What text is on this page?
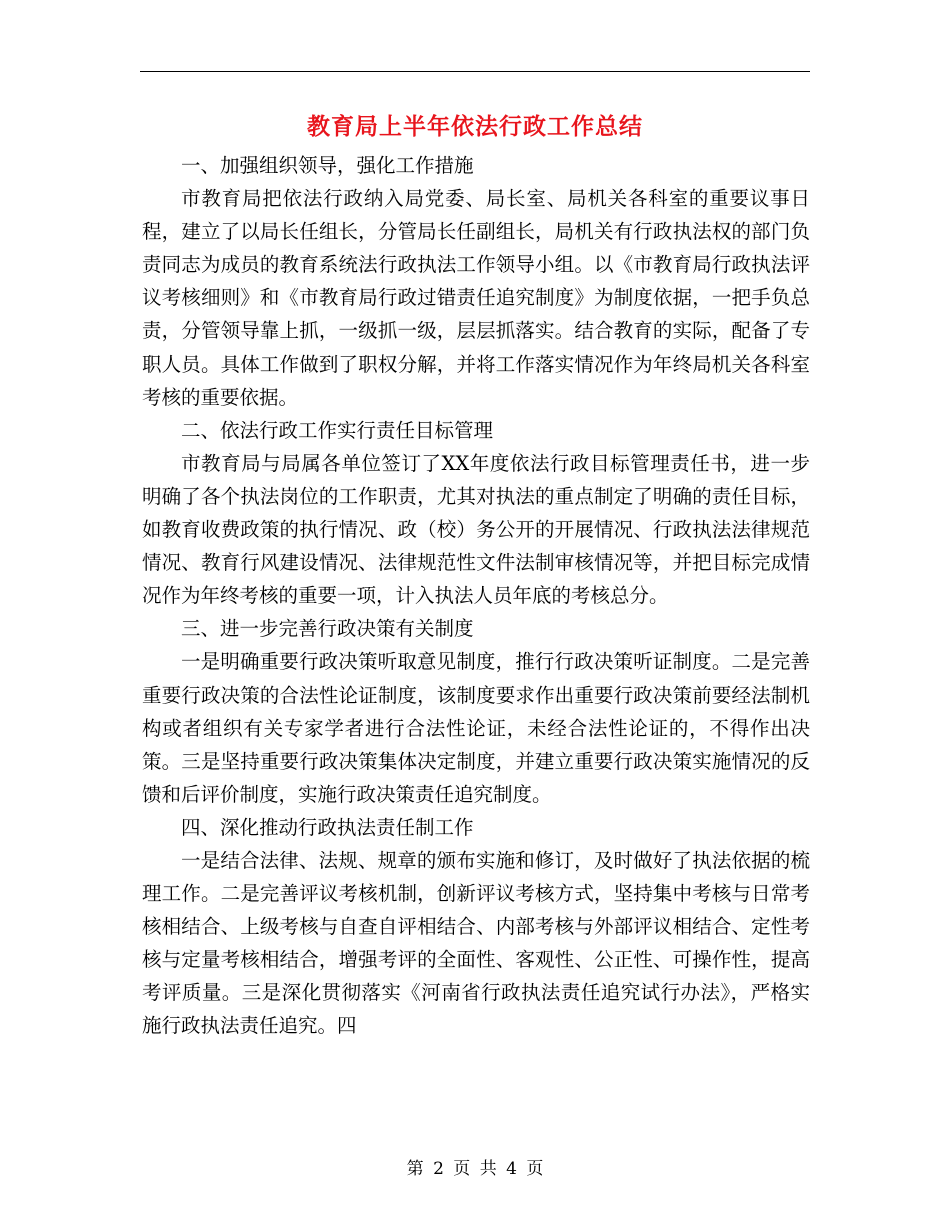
教育局上半年依法行政工作总结

一、加强组织领导，强化工作措施

市教育局把依法行政纳入局党委、局长室、局机关各科室的重要议事日程，建立了以局长任组长，分管局长任副组长，局机关有行政执法权的部门负责同志为成员的教育系统法行政执法工作领导小组。以《市教育局行政执法评议考核细则》和《市教育局行政过错责任追究制度》为制度依据，一把手负总责，分管领导靠上抓，一级抓一级，层层抓落实。结合教育的实际，配备了专职人员。具体工作做到了职权分解，并将工作落实情况作为年终局机关各科室考核的重要依据。

二、依法行政工作实行责任目标管理

市教育局与局属各单位签订了XX年度依法行政目标管理责任书，进一步明确了各个执法岗位的工作职责，尤其对执法的重点制定了明确的责任目标，如教育收费政策的执行情况、政（校）务公开的开展情况、行政执法法律规范情况、教育行风建设情况、法律规范性文件法制审核情况等，并把目标完成情况作为年终考核的重要一项，计入执法人员年底的考核总分。

三、进一步完善行政决策有关制度

一是明确重要行政决策听取意见制度，推行行政决策听证制度。二是完善重要行政决策的合法性论证制度，该制度要求作出重要行政决策前要经法制机构或者组织有关专家学者进行合法性论证，未经合法性论证的，不得作出决策。三是坚持重要行政决策集体决定制度，并建立重要行政决策实施情况的反馈和后评价制度，实施行政决策责任追究制度。

四、深化推动行政执法责任制工作

一是结合法律、法规、规章的颁布实施和修订，及时做好了执法依据的梳理工作。二是完善评议考核机制，创新评议考核方式，坚持集中考核与日常考核相结合、上级考核与自查自评相结合、内部考核与外部评议相结合、定性考核与定量考核相结合，增强考评的全面性、客观性、公正性、可操作性，提高考评质量。三是深化贯彻落实《河南省行政执法责任追究试行办法》，严格实施行政执法责任追究。四

第 2 页 共 4 页
